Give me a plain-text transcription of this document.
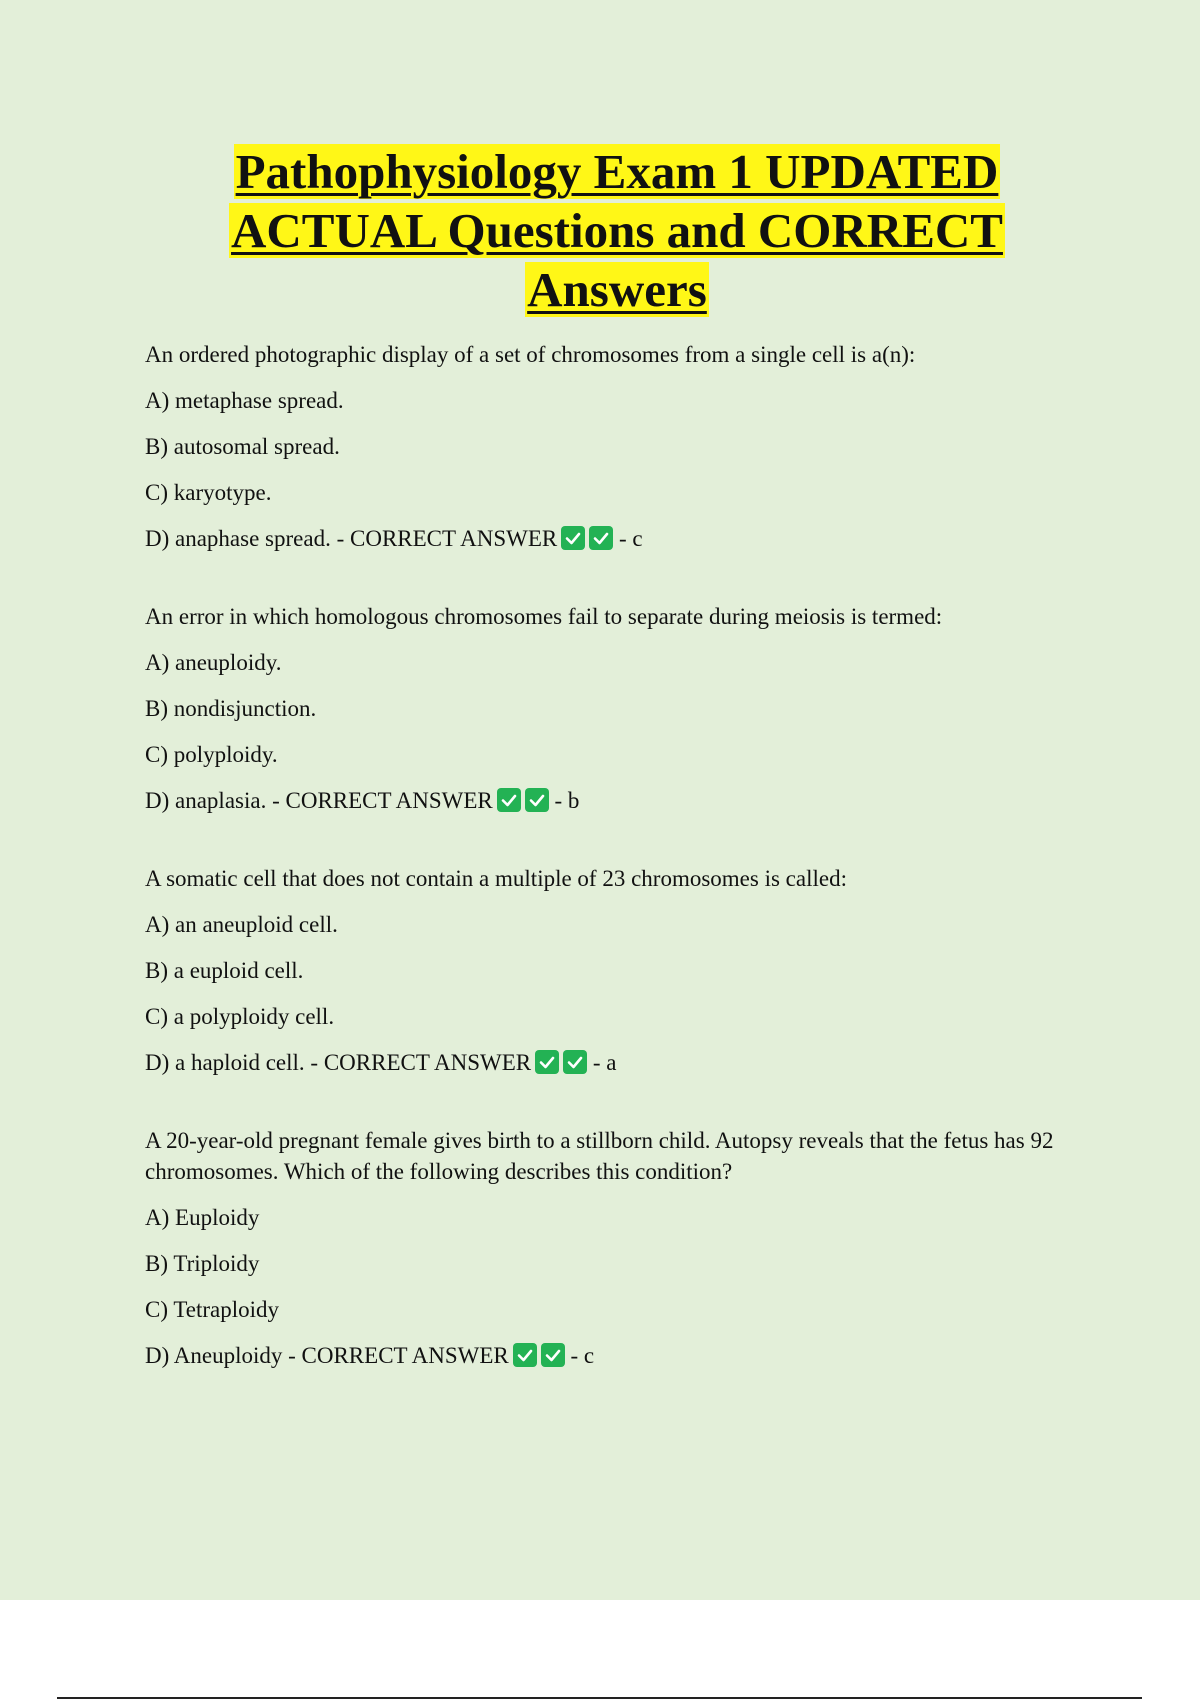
Pathophysiology Exam 1 UPDATED
ACTUAL Questions and CORRECT
Answers

An ordered photographic display of a set of chromosomes from a single cell is a(n):

A) metaphase spread.

B) autosomal spread.

C) karyotype.

D) anaphase spread. - CORRECT ANSWER	- c

An error in which homologous chromosomes fail to separate during meiosis is termed:

A) aneuploidy.

B) nondisjunction.

C) polyploidy.

D) anaplasia. - CORRECT ANSWER	- b

A somatic cell that does not contain a multiple of 23 chromosomes is called:

A) an aneuploid cell.

B) a euploid cell.

C) a polyploidy cell.

D) a haploid cell. - CORRECT ANSWER	- a

A 20-year-old pregnant female gives birth to a stillborn child. Autopsy reveals that the fetus has 92 chromosomes. Which of the following describes this condition?

A) Euploidy

B) Triploidy

C) Tetraploidy

D) Aneuploidy - CORRECT ANSWER	- c
